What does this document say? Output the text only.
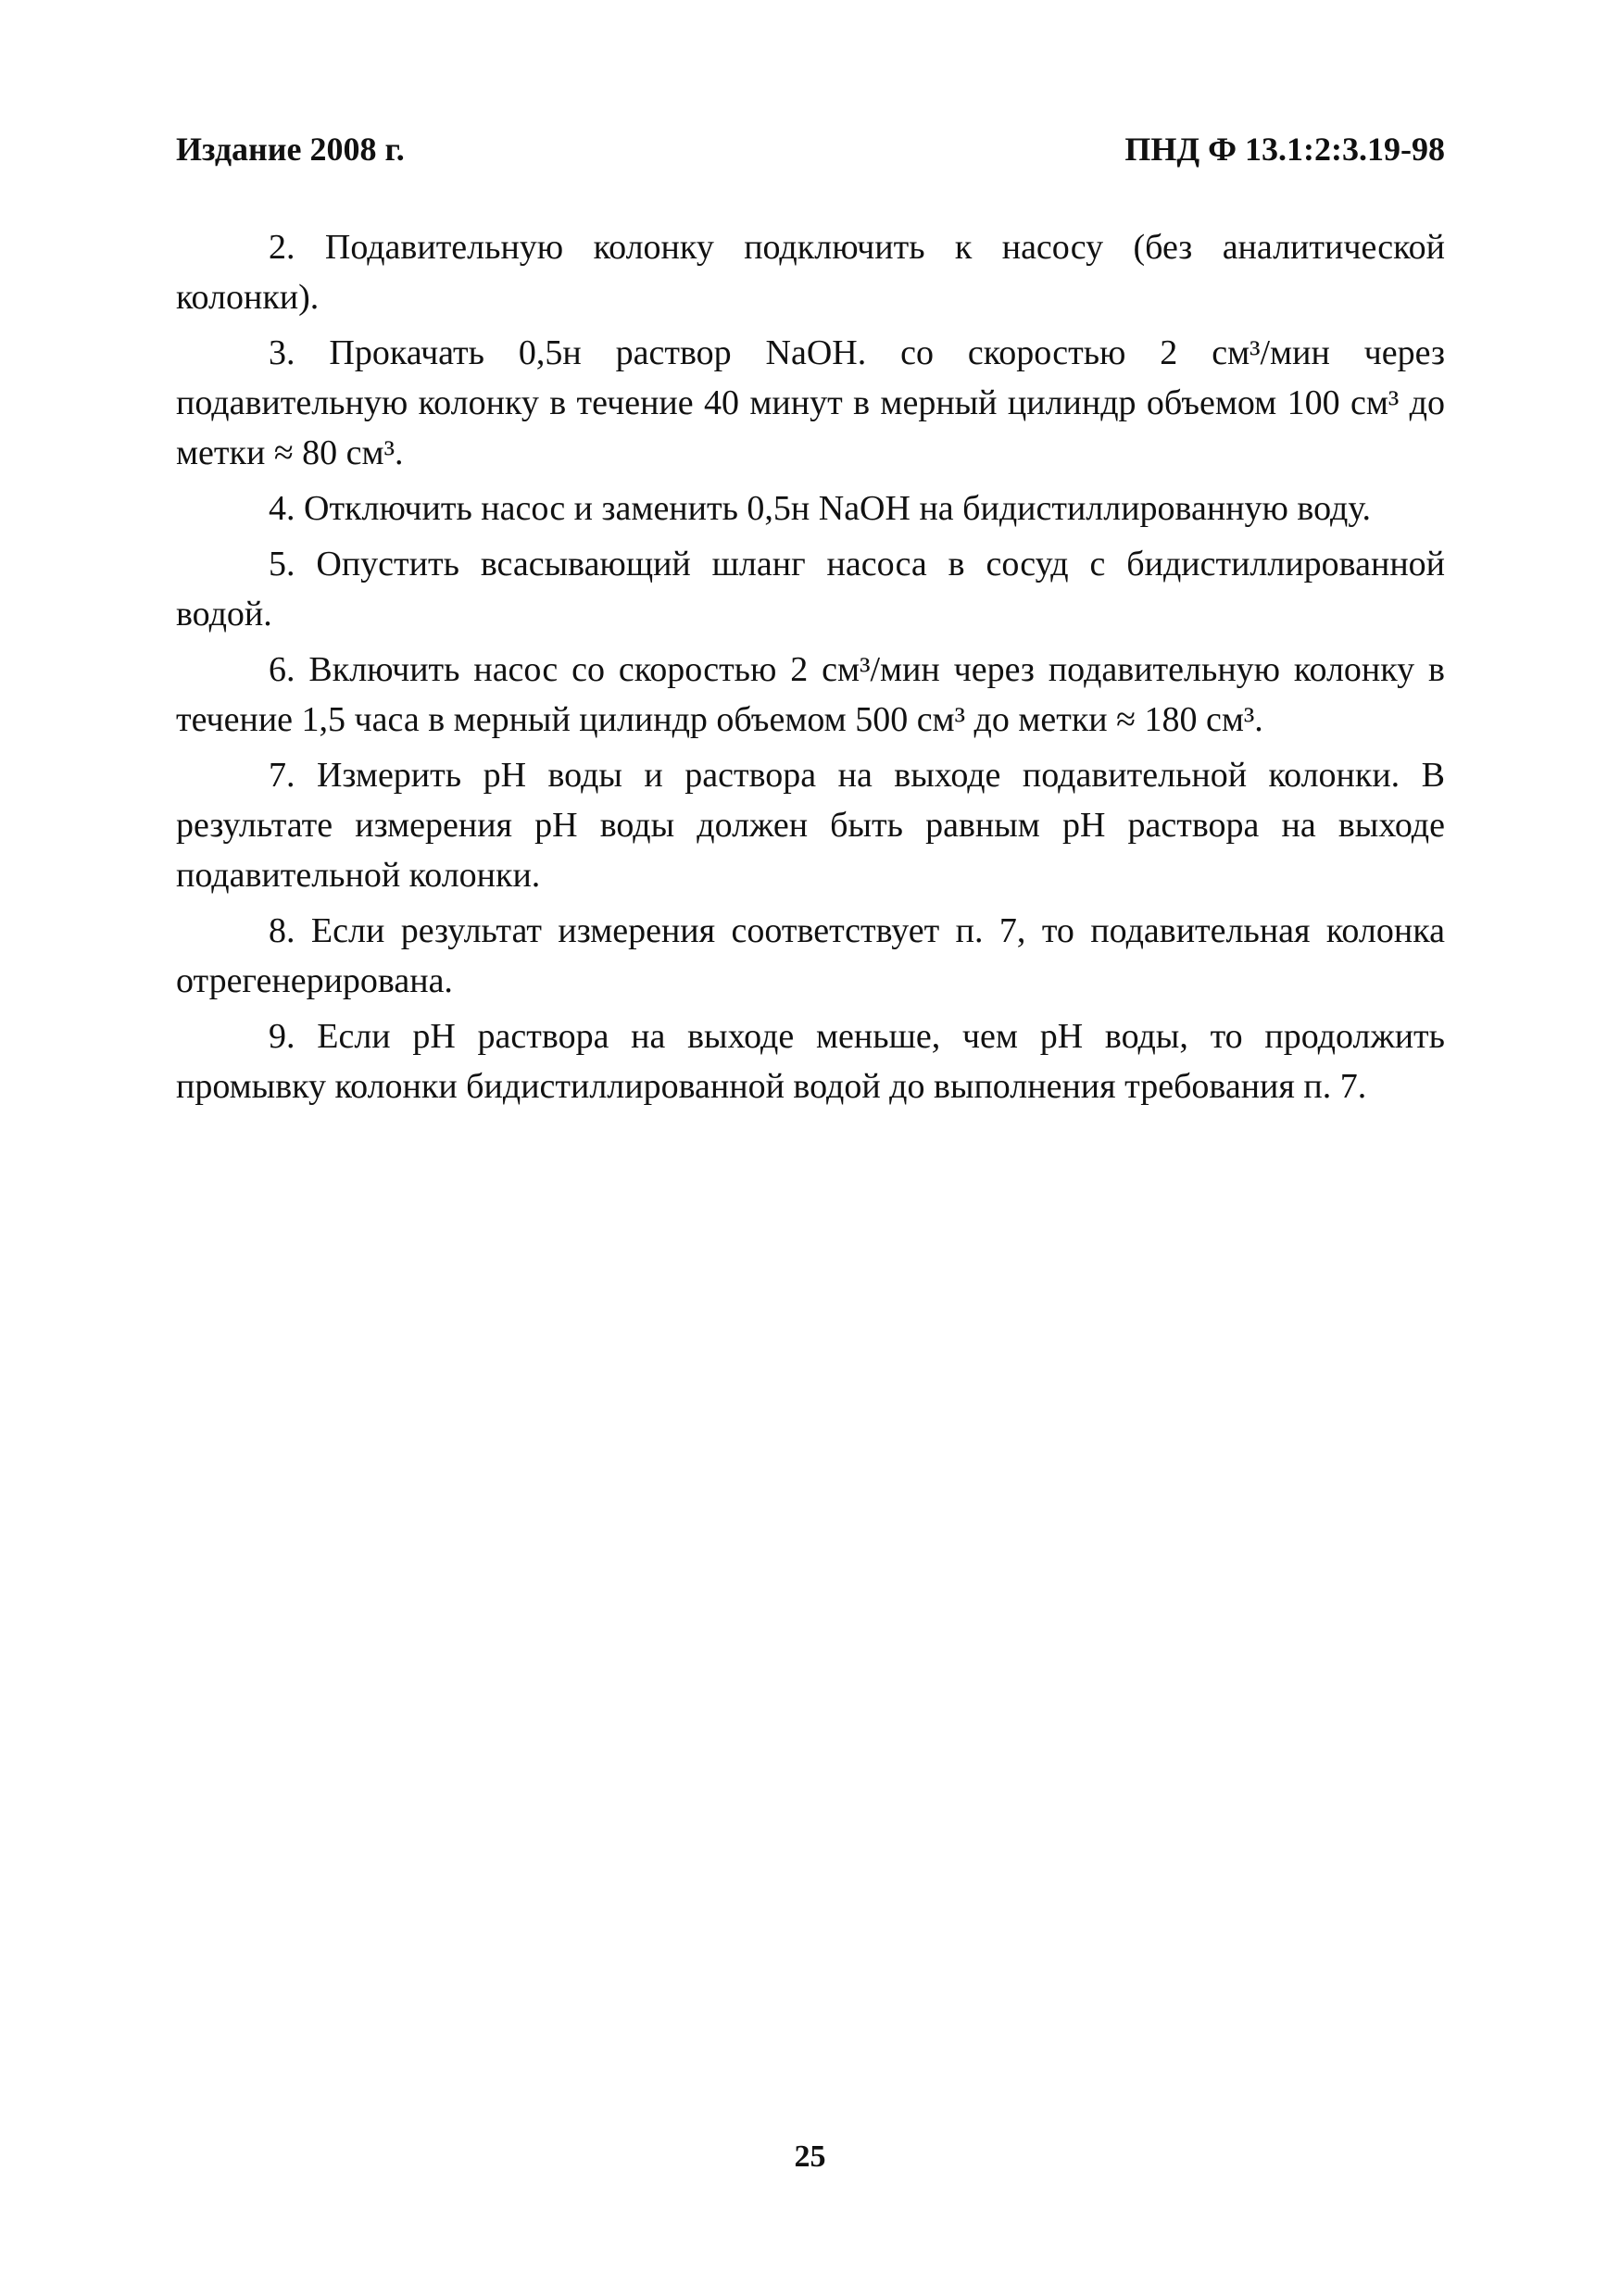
Издание 2008 г.	ПНД Ф 13.1:2:3.19-98

2. Подавительную колонку подключить к насосу (без аналитической колонки).

3. Прокачать 0,5н раствор NaOH. со скоростью 2 см³/мин через подавительную колонку в течение 40 минут в мерный цилиндр объемом 100 см³ до метки ≈ 80 см³.

4. Отключить насос и заменить 0,5н NaOH на бидистиллированную воду.

5. Опустить всасывающий шланг насоса в сосуд с бидистиллированной водой.

6. Включить насос со скоростью 2 см³/мин через подавительную колонку в течение 1,5 часа в мерный цилиндр объемом 500 см³ до метки ≈ 180 см³.

7. Измерить pH воды и раствора на выходе подавительной колонки. В результате измерения pH воды должен быть равным pH раствора на выходе подавительной колонки.

8. Если результат измерения соответствует п. 7, то подавительная колонка отрегенерирована.

9. Если pH раствора на выходе меньше, чем pH воды, то продолжить промывку колонки бидистиллированной водой до выполнения требования п. 7.

25
